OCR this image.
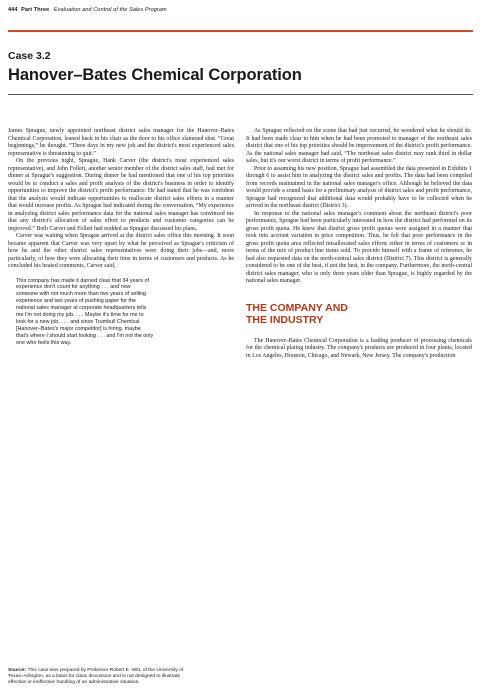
444 Part Three Evaluation and Control of the Sales Program
Case 3.2
Hanover–Bates Chemical Corporation

James Sprague, newly appointed northeast district sales manager for the Hanover–Bates Chemical Corporation, leaned back in his chair as the door to his office slammed shut. “Great beginnings,” he thought. “Three days in my new job and the district's most experienced sales representative is threatening to quit.”

On the previous night, Sprague, Hank Carver (the district's most experienced sales representative), and John Follett, another senior member of the district sales staff, had met for dinner at Sprague's suggestion. During dinner he had mentioned that one of his top priorities would be to conduct a sales and profit analysis of the district's business in order to identify opportunities to improve the district's profit performance. He had stated that he was confident that the analysis would indicate opportunities to reallocate district sales efforts in a manner that would increase profits. As Sprague had indicated during the conversation, “My experience in analyzing district sales performance data for the national sales manager has convinced me that any district's allocation of sales effort to products and customer categories can be improved.” Both Carver and Follett had nodded as Sprague discussed his plans.

Carver was waiting when Sprague arrived at the district sales office this morning. It soon became apparent that Carver was very upset by what he perceived as Sprague's criticism of how he and the other district sales representatives were doing their jobs—and, more particularly, of how they were allocating their time in terms of customers and products. As he concluded his heated comments, Carver said,

This company has made it darned clear that 34 years of experience don't count for anything . . . and now someone with not much more than two years of selling experience and two years of pushing paper for the national sales manager at corporate headquarters tells me I'm not doing my job. . . . Maybe it's time for me to look for a new job. . . . and since Trumbull Chemical [Hanover–Bates's major competitor] is hiring, maybe that's where I should start looking . . . and I'm not the only one who feels this way.
Source: This case was prepared by Professor Robert E. Witt, of the University of Texas–Arlington, as a basis for class discussion and is not designed to illustrate effective or ineffective handling of an administrative situation.

As Sprague reflected on the scene that had just occurred, he wondered what he should do. It had been made clear to him when he had been promoted to manager of the northeast sales district that one of his top priorities should be improvement of the district's profit performance. As the national sales manager had said, “The northeast sales district may rank third in dollar sales, but it's our worst district in terms of profit performance.”

Prior to assuming his new position, Sprague had assembled the data presented in Exhibits 1 through 6 to assist him in analyzing the district sales and profits. The data had been compiled from records maintained in the national sales manager's office. Although he believed the data would provide a sound basis for a preliminary analysis of district sales and profit performance, Sprague had recognized that additional data would probably have to be collected when he arrived in the northeast district (District 3).

In response to the national sales manager's comment about the northeast district's poor performance, Sprague had been particularly interested in how the district had performed on its gross profit quota. He knew that district gross profit quotas were assigned in a manner that took into account variation in price competition. Thus, he felt that poor performance in the gross profit quota area reflected misallocated sales efforts either in terms of customers or in terms of the mix of product line items sold. To provide himself with a frame of reference, he had also requested data on the north-central sales district (District 7). This district is generally considered to be one of the best, if not the best, in the company. Furthermore, the north-central district sales manager, who is only three years older than Sprague, is highly regarded by the national sales manager.

THE COMPANY AND
THE INDUSTRY

The Hanover–Bates Chemical Corporation is a leading producer of processing chemicals for the chemical plating industry. The company's products are produced in four plants, located in Los Angeles, Houston, Chicago, and Newark, New Jersey. The company's production
